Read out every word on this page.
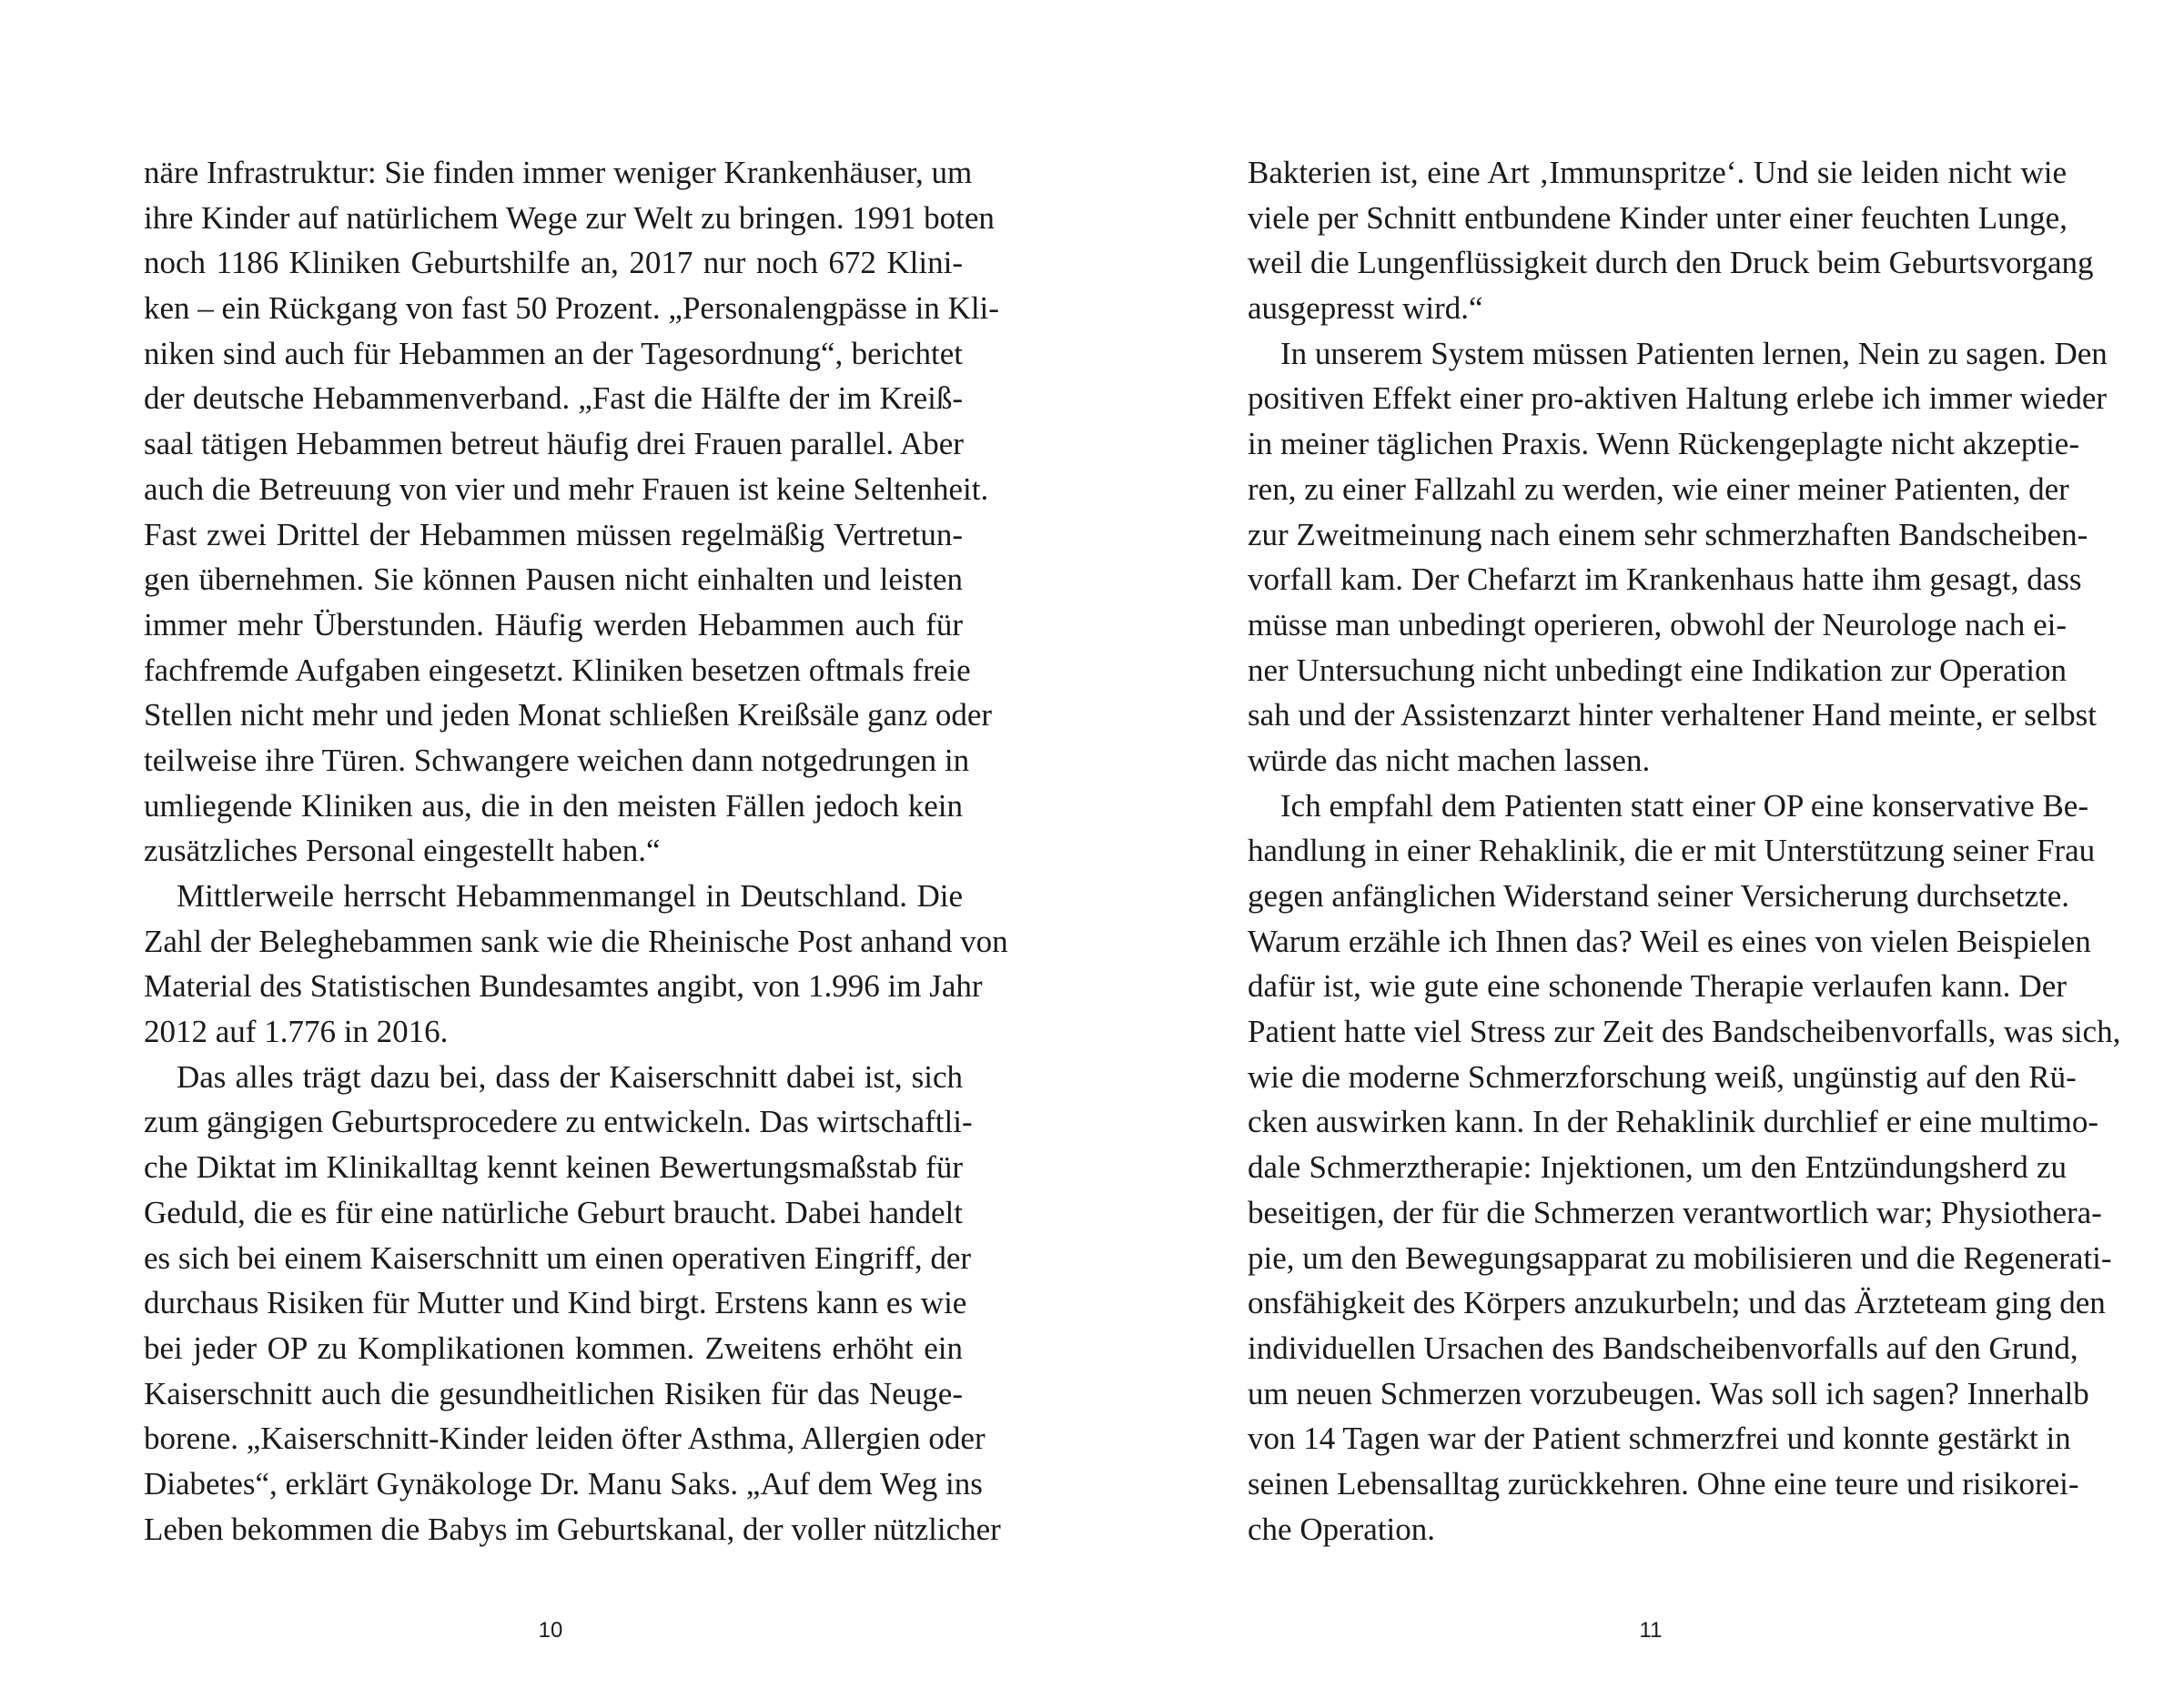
näre Infrastruktur: Sie finden immer weniger Krankenhäuser, um
ihre Kinder auf natürlichem Wege zur Welt zu bringen. 1991 boten
noch 1186 Kliniken Geburtshilfe an, 2017 nur noch 672 Klini-
ken – ein Rückgang von fast 50 Prozent. „Personalengpässe in Kli-
niken sind auch für Hebammen an der Tagesordnung“, berichtet
der deutsche Hebammenverband. „Fast die Hälfte der im Kreiß-
saal tätigen Hebammen betreut häufig drei Frauen parallel. Aber
auch die Betreuung von vier und mehr Frauen ist keine Seltenheit.
Fast zwei Drittel der Hebammen müssen regelmäßig Vertretun-
gen übernehmen. Sie können Pausen nicht einhalten und leisten
immer mehr Überstunden. Häufig werden Hebammen auch für
fachfremde Aufgaben eingesetzt. Kliniken besetzen oftmals freie
Stellen nicht mehr und jeden Monat schließen Kreißsäle ganz oder
teilweise ihre Türen. Schwangere weichen dann notgedrungen in
umliegende Kliniken aus, die in den meisten Fällen jedoch kein
zusätzliches Personal eingestellt haben.“
Mittlerweile herrscht Hebammenmangel in Deutschland. Die
Zahl der Beleghebammen sank wie die Rheinische Post anhand von
Material des Statistischen Bundesamtes angibt, von 1.996 im Jahr
2012 auf 1.776 in 2016.
Das alles trägt dazu bei, dass der Kaiserschnitt dabei ist, sich
zum gängigen Geburtsprocedere zu entwickeln. Das wirtschaftli-
che Diktat im Klinikalltag kennt keinen Bewertungsmaßstab für
Geduld, die es für eine natürliche Geburt braucht. Dabei handelt
es sich bei einem Kaiserschnitt um einen operativen Eingriff, der
durchaus Risiken für Mutter und Kind birgt. Erstens kann es wie
bei jeder OP zu Komplikationen kommen. Zweitens erhöht ein
Kaiserschnitt auch die gesundheitlichen Risiken für das Neuge-
borene. „Kaiserschnitt-Kinder leiden öfter Asthma, Allergien oder
Diabetes“, erklärt Gynäkologe Dr. Manu Saks. „Auf dem Weg ins
Leben bekommen die Babys im Geburtskanal, der voller nützlicher
10
Bakterien ist, eine Art ‚Immunspritze‘. Und sie leiden nicht wie
viele per Schnitt entbundene Kinder unter einer feuchten Lunge,
weil die Lungenflüssigkeit durch den Druck beim Geburtsvorgang
ausgepresst wird.“
In unserem System müssen Patienten lernen, Nein zu sagen. Den
positiven Effekt einer pro-aktiven Haltung erlebe ich immer wieder
in meiner täglichen Praxis. Wenn Rückengeplagte nicht akzeptie-
ren, zu einer Fallzahl zu werden, wie einer meiner Patienten, der
zur Zweitmeinung nach einem sehr schmerzhaften Bandscheiben-
vorfall kam. Der Chefarzt im Krankenhaus hatte ihm gesagt, dass
müsse man unbedingt operieren, obwohl der Neurologe nach ei-
ner Untersuchung nicht unbedingt eine Indikation zur Operation
sah und der Assistenzarzt hinter verhaltener Hand meinte, er selbst
würde das nicht machen lassen.
Ich empfahl dem Patienten statt einer OP eine konservative Be-
handlung in einer Rehaklinik, die er mit Unterstützung seiner Frau
gegen anfänglichen Widerstand seiner Versicherung durchsetzte.
Warum erzähle ich Ihnen das? Weil es eines von vielen Beispielen
dafür ist, wie gute eine schonende Therapie verlaufen kann. Der
Patient hatte viel Stress zur Zeit des Bandscheibenvorfalls, was sich,
wie die moderne Schmerzforschung weiß, ungünstig auf den Rü-
cken auswirken kann. In der Rehaklinik durchlief er eine multimo-
dale Schmerztherapie: Injektionen, um den Entzündungsherd zu
beseitigen, der für die Schmerzen verantwortlich war; Physiothera-
pie, um den Bewegungsapparat zu mobilisieren und die Regenerati-
onsfähigkeit des Körpers anzukurbeln; und das Ärzteteam ging den
individuellen Ursachen des Bandscheibenvorfalls auf den Grund,
um neuen Schmerzen vorzubeugen. Was soll ich sagen? Innerhalb
von 14 Tagen war der Patient schmerzfrei und konnte gestärkt in
seinen Lebensalltag zurückkehren. Ohne eine teure und risikorei-
che Operation.
11
